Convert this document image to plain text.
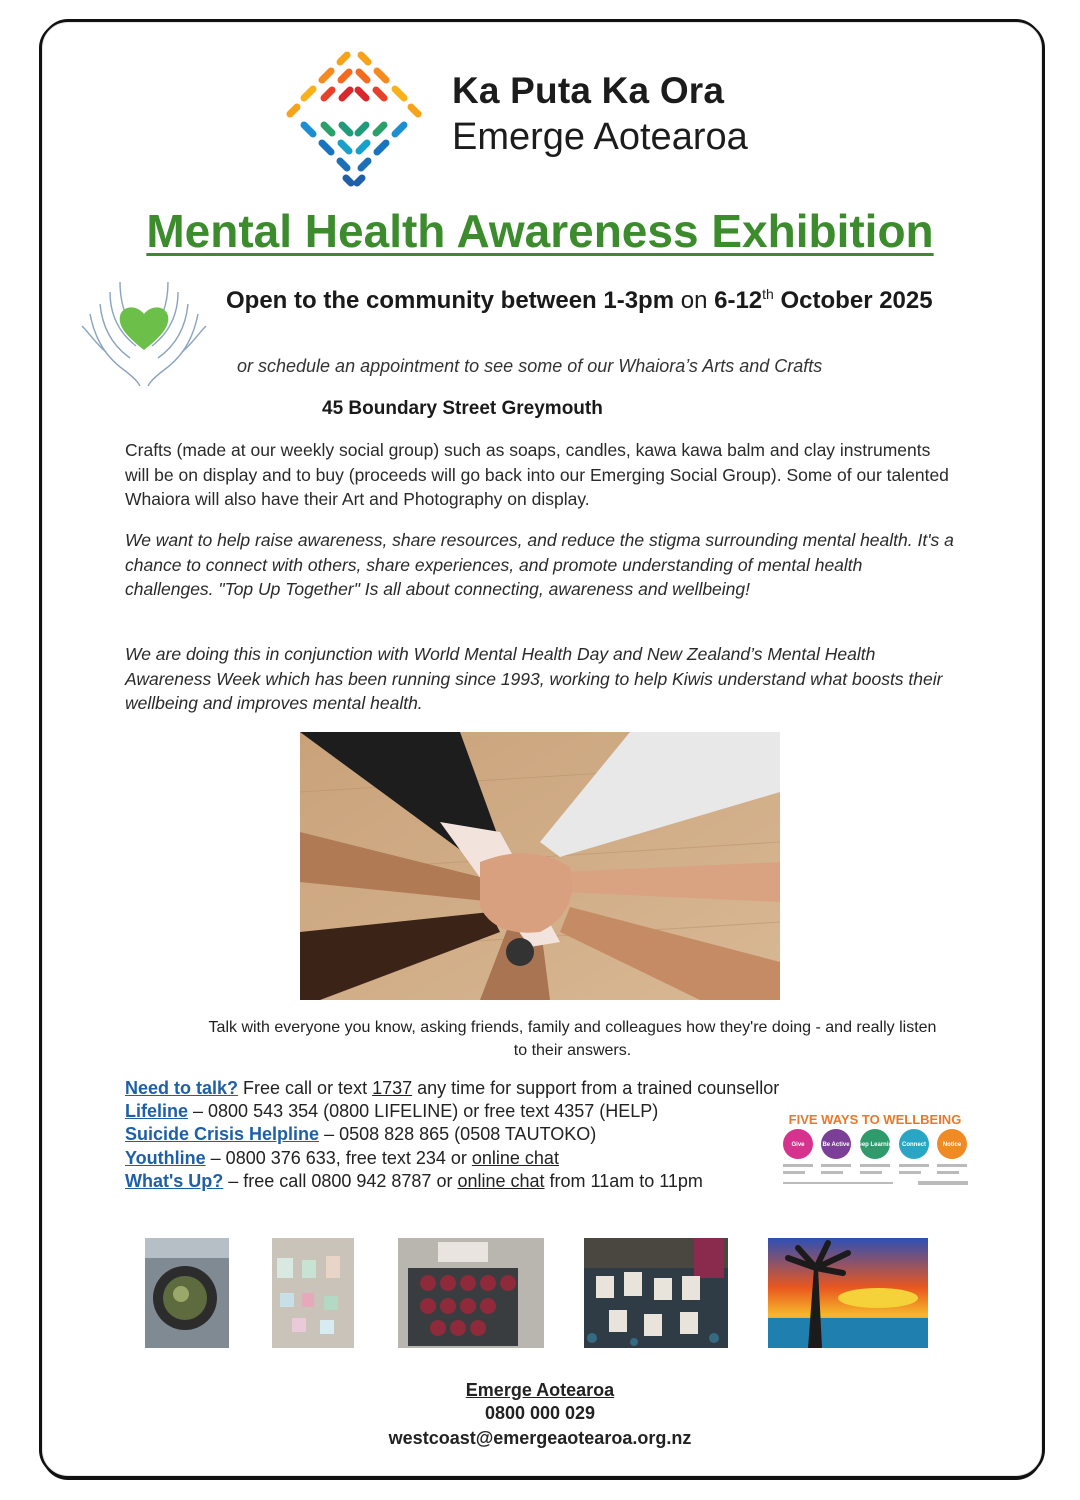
Ka Puta Ka Ora
Emerge Aotearoa
Mental Health Awareness Exhibition
Open to the community between 1-3pm on 6-12th October 2025
or schedule an appointment to see some of our Whaiora’s Arts and Crafts
45 Boundary Street Greymouth
Crafts (made at our weekly social group) such as soaps, candles, kawa kawa balm and clay instruments will be on display and to buy (proceeds will go back into our Emerging Social Group). Some of our talented Whaiora will also have their Art and Photography on display.
We want to help raise awareness, share resources, and reduce the stigma surrounding mental health. It's a chance to connect with others, share experiences, and promote understanding of mental health challenges. "Top Up Together" Is all about connecting, awareness and wellbeing!
We are doing this in conjunction with World Mental Health Day and New Zealand’s Mental Health Awareness Week which has been running since 1993, working to help Kiwis understand what boosts their wellbeing and improves mental health.
Talk with everyone you know, asking friends, family and colleagues how they're doing - and really listen to their answers.
Need to talk? Free call or text 1737 any time for support from a trained counsellor
Lifeline – 0800 543 354 (0800 LIFELINE) or free text 4357 (HELP)
Suicide Crisis Helpline – 0508 828 865 (0508 TAUTOKO)
Youthline – 0800 376 633, free text 234 or online chat
What's Up? – free call 0800 942 8787 or online chat from 11am to 11pm
FIVE WAYS TO WELLBEING
Give	Be Active Keep Learning Connect	Notice
Emerge Aotearoa
0800 000 029
westcoast@emergeaotearoa.org.nz
